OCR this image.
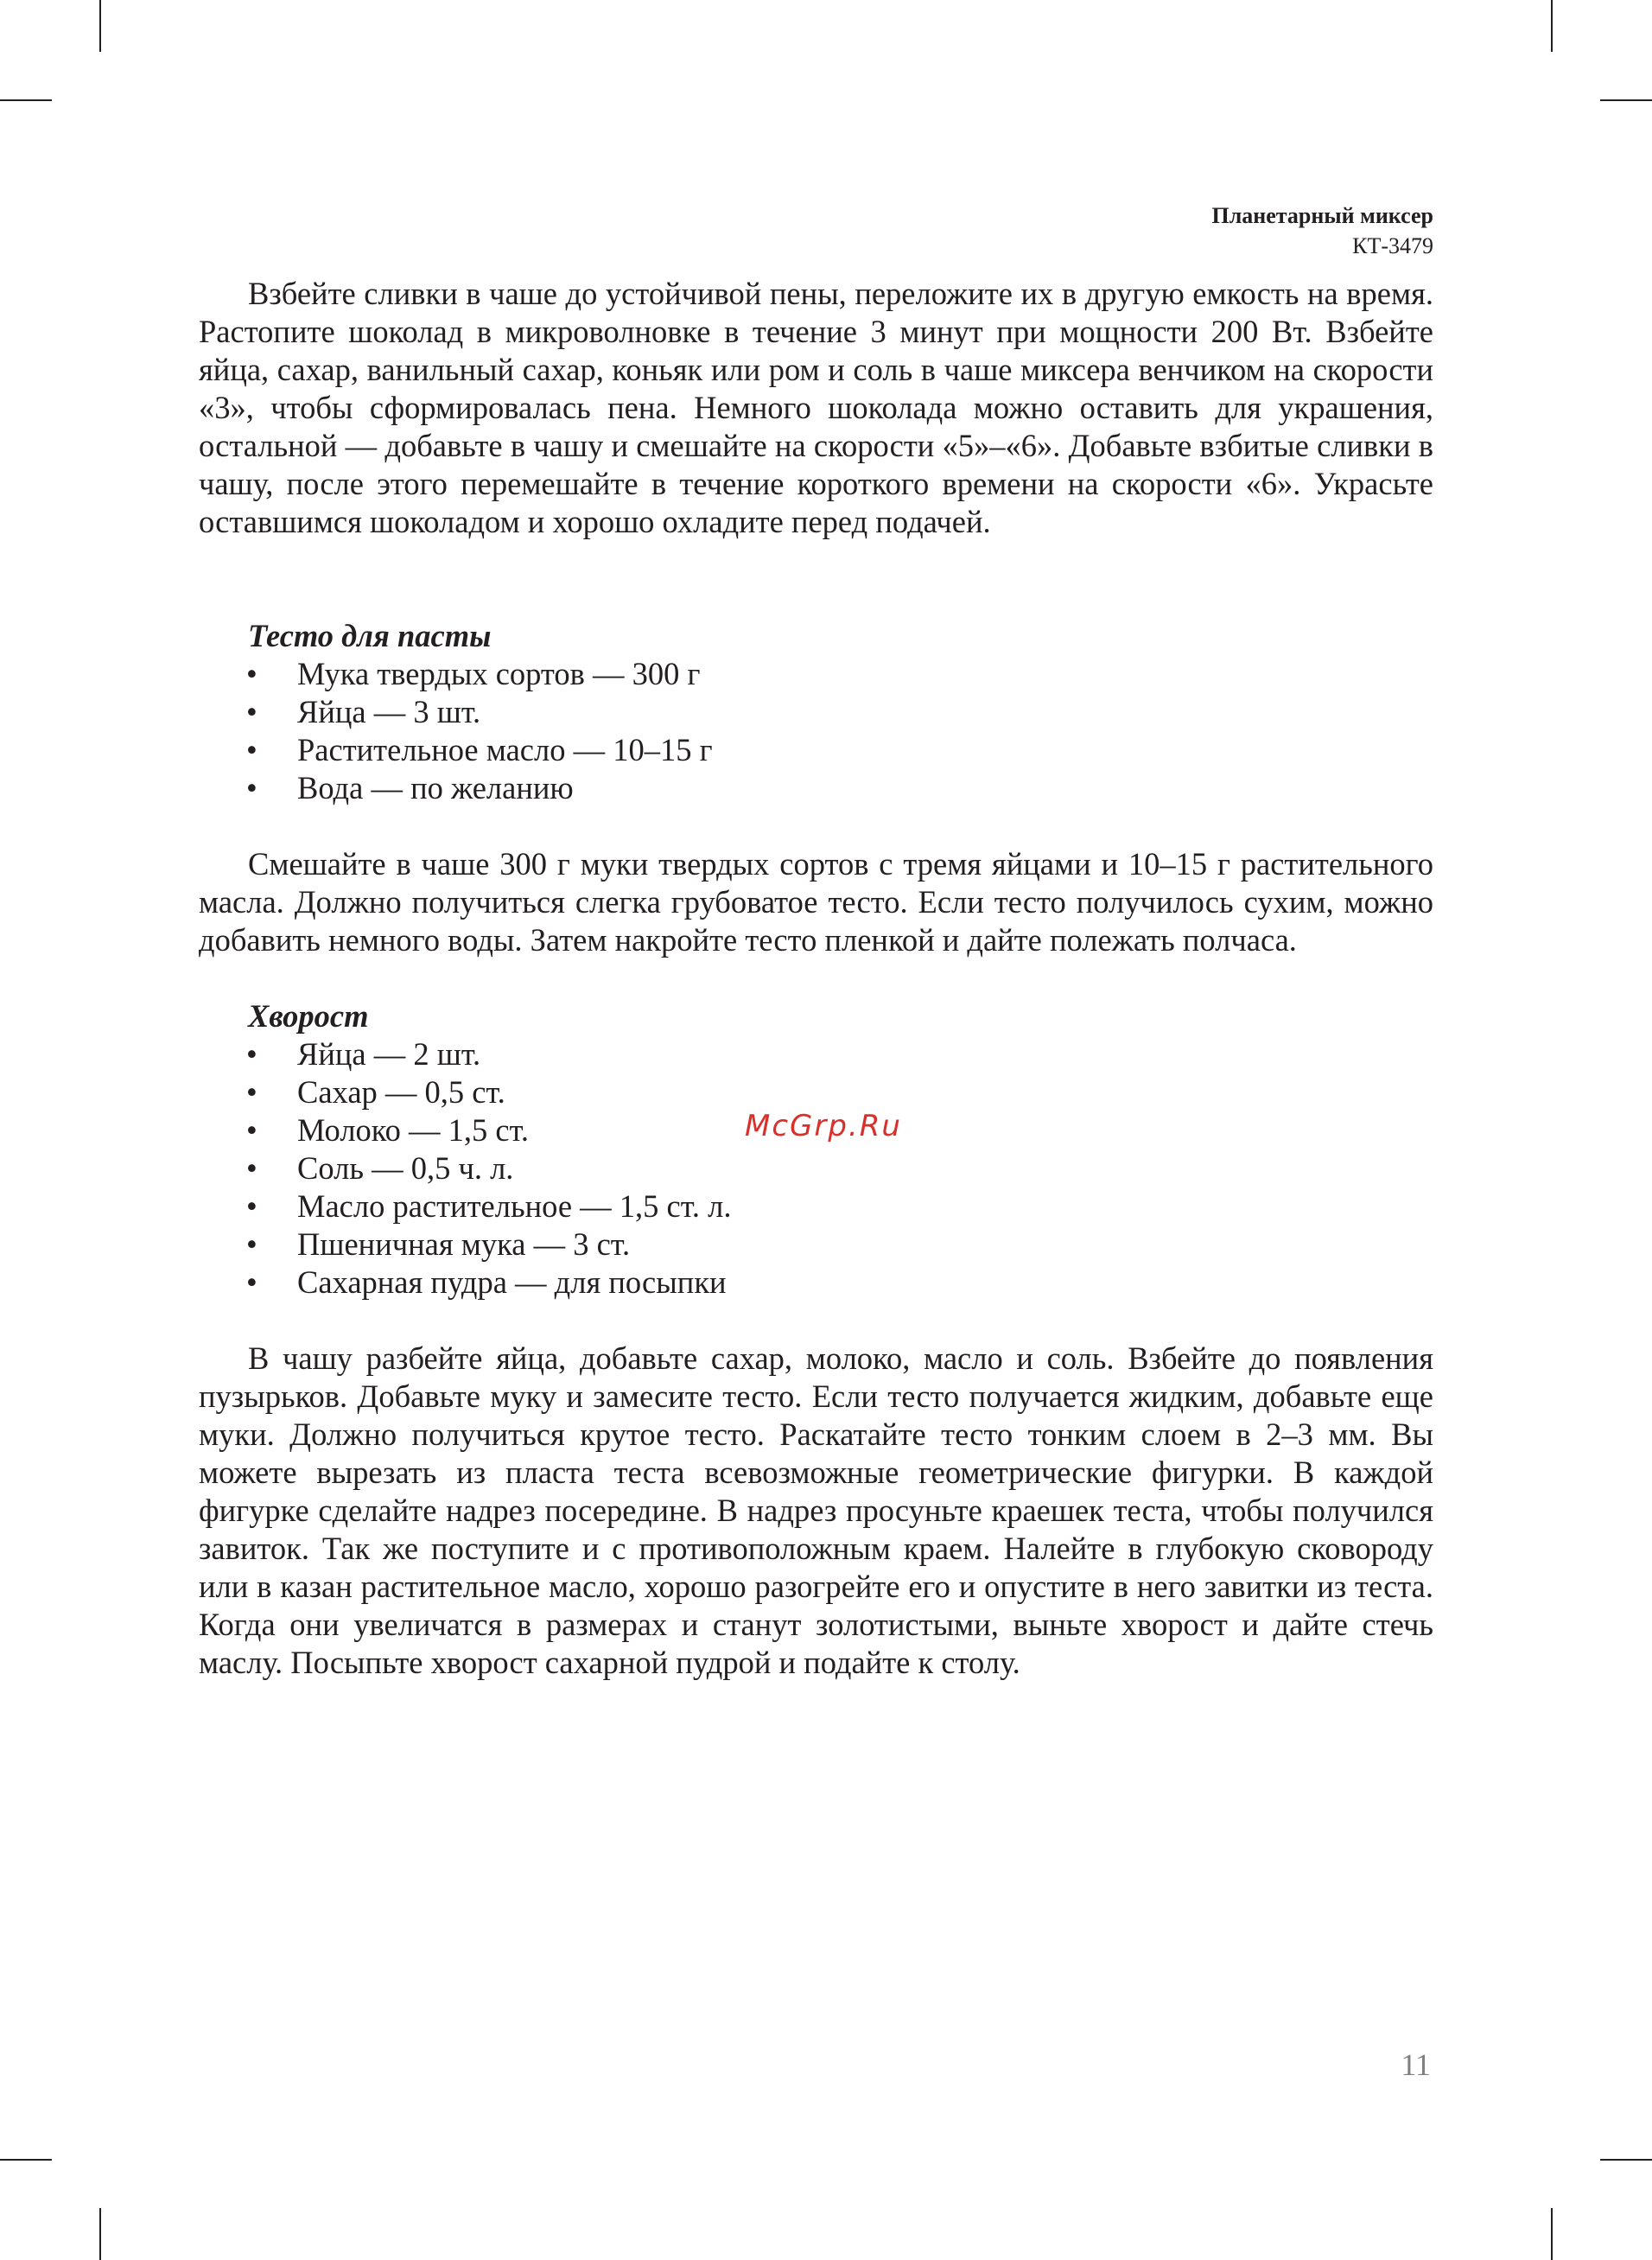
Планетарный миксер
КТ-3479

Взбейте сливки в чаше до устойчивой пены, переложите их в другую емкость на время. Растопите шоколад в микроволновке в течение 3 минут при мощности 200 Вт. Взбейте яйца, сахар, ванильный сахар, коньяк или ром и соль в чаше миксера венчиком на скорости «3», чтобы сформировалась пена. Немного шоколада можно оставить для украшения, остальной — добавьте в чашу и смешайте на скорости «5»–«6». Добавьте взбитые сливки в чашу, после этого перемешайте в течение короткого времени на скорости «6». Украсьте оставшимся шоколадом и хорошо охладите перед подачей.

Тесто для пасты

• Мука твердых сортов — 300 г
• Яйца — 3 шт.
• Растительное масло — 10–15 г
• Вода — по желанию

Смешайте в чаше 300 г муки твердых сортов с тремя яйцами и 10–15 г растительного масла. Должно получиться слегка грубоватое тесто. Если тесто получилось сухим, можно добавить немного воды. Затем накройте тесто пленкой и дайте полежать полчаса.

Хворост

• Яйца — 2 шт.
• Сахар — 0,5 ст.
• Молоко — 1,5 ст.
• Соль — 0,5 ч. л.
• Масло растительное — 1,5 ст. л.
• Пшеничная мука — 3 ст.
• Сахарная пудра — для посыпки

В чашу разбейте яйца, добавьте сахар, молоко, масло и соль. Взбейте до появления пузырьков. Добавьте муку и замесите тесто. Если тесто получается жидким, добавьте еще муки. Должно получиться крутое тесто. Раскатайте тесто тонким слоем в 2–3 мм. Вы можете вырезать из пласта теста всевозможные геометрические фигурки. В каждой фигурке сделайте надрез посередине. В надрез просуньте краешек теста, чтобы получился завиток. Так же поступите и с противоположным краем. Налейте в глубокую сковороду или в казан растительное масло, хорошо разогрейте его и опустите в него завитки из теста. Когда они увеличатся в размерах и станут золотистыми, выньте хворост и дайте стечь маслу. Посыпьте хворост сахарной пудрой и подайте к столу.

McGrp.Ru
11
